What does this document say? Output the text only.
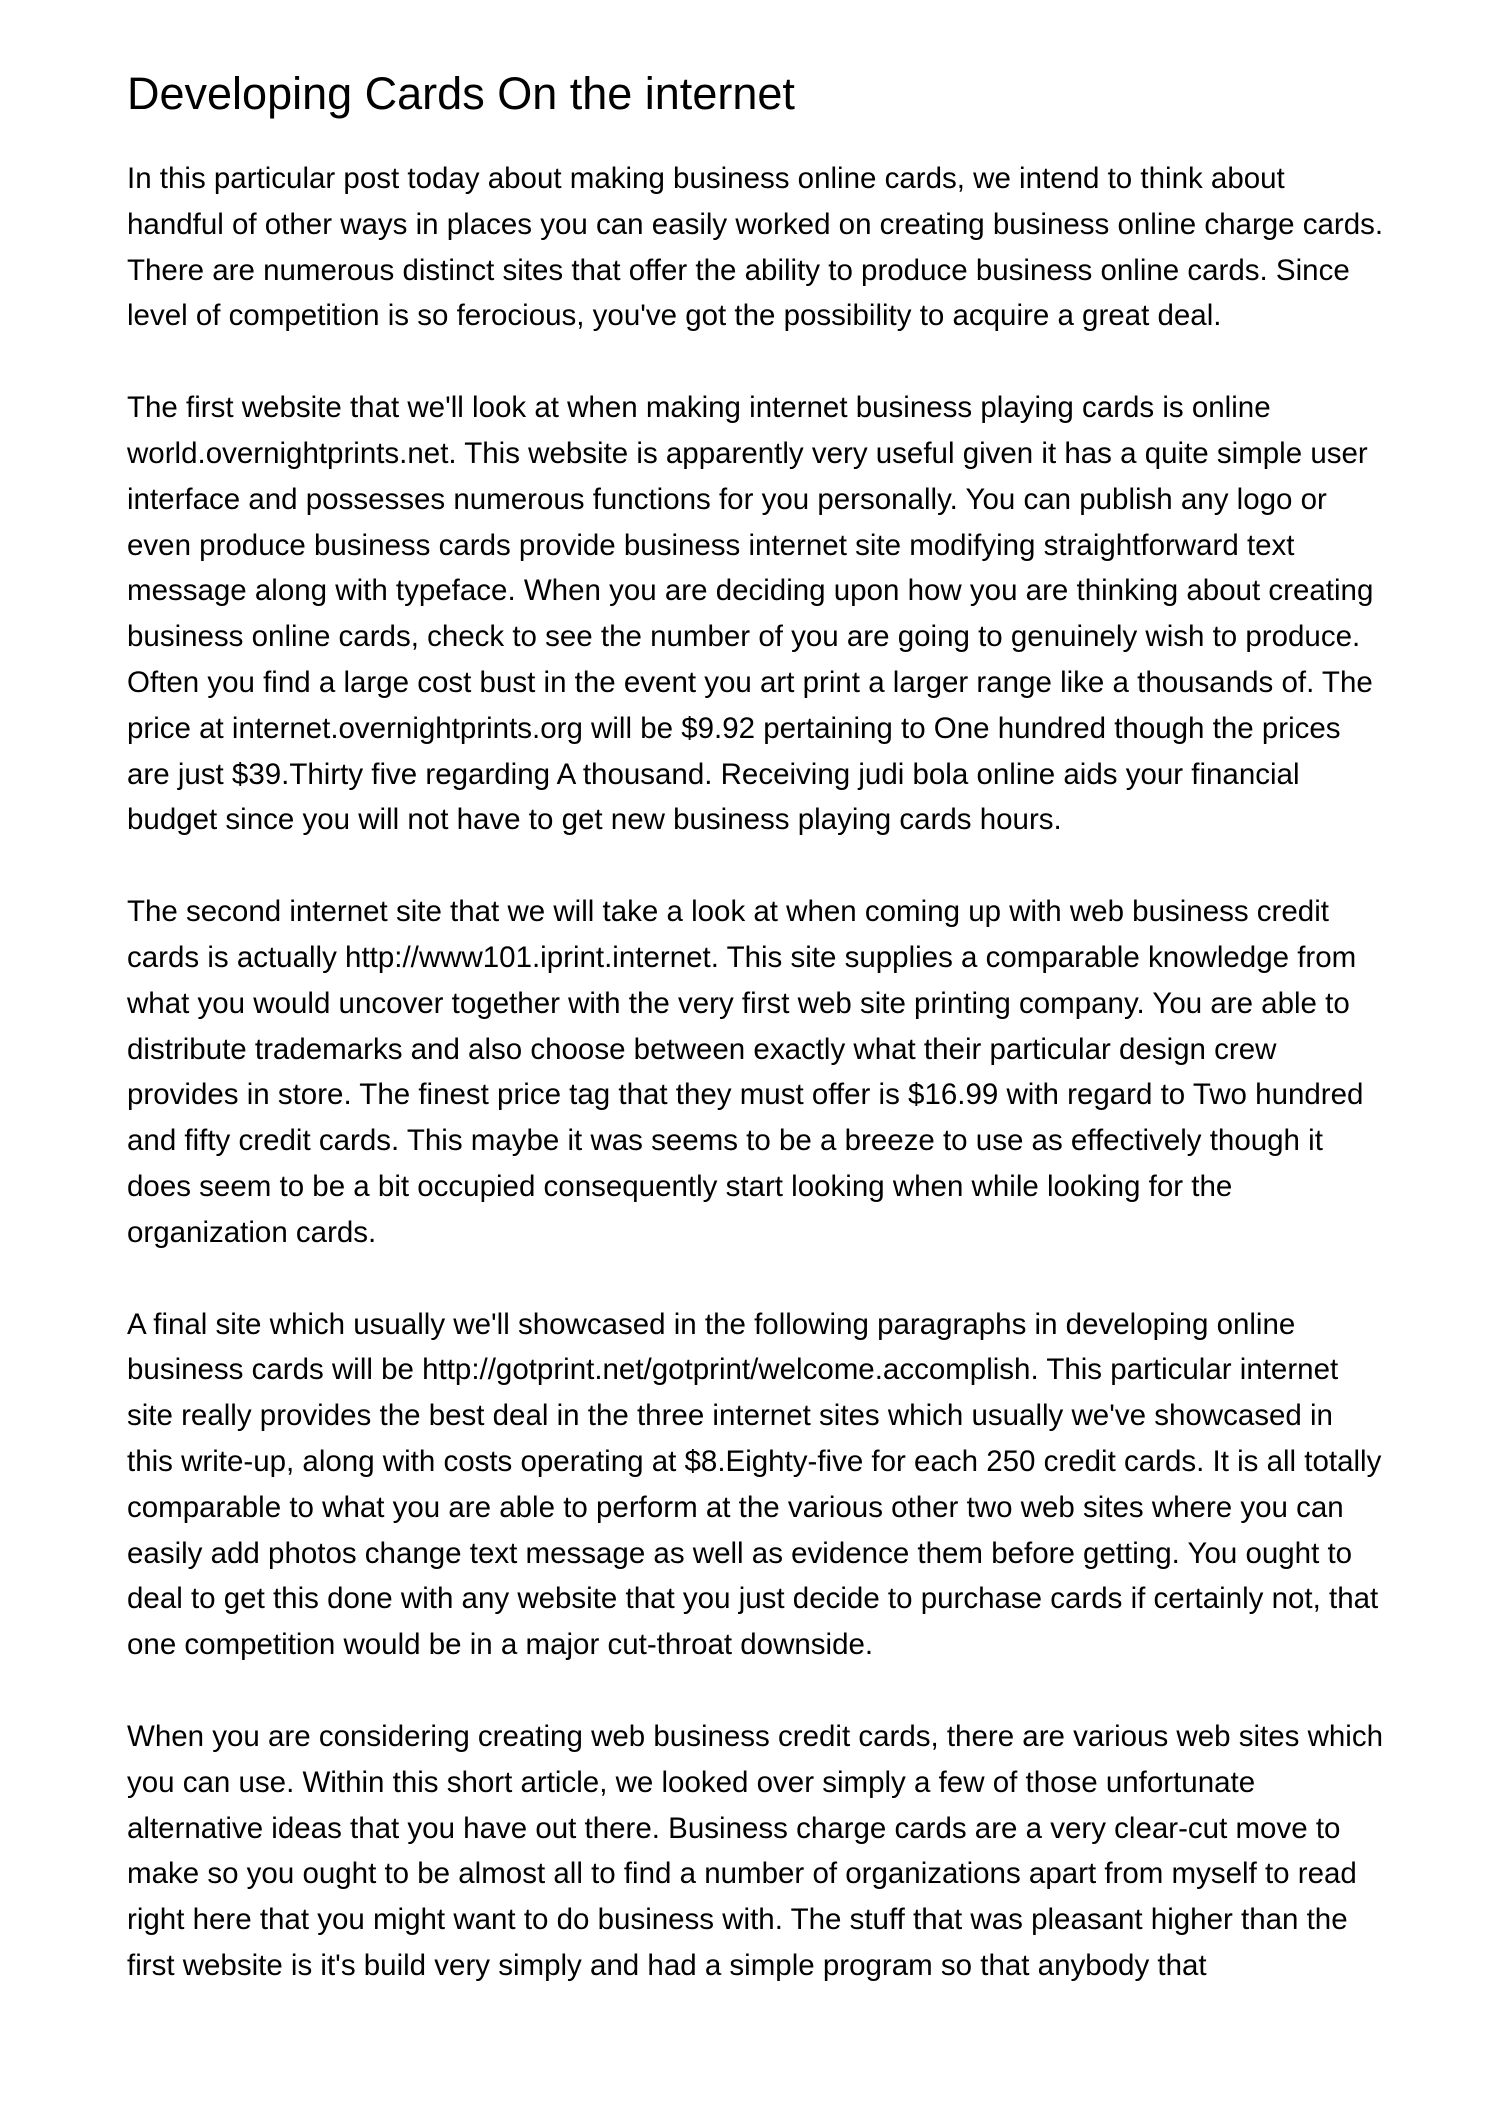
Developing Cards On the internet

In this particular post today about making business online cards, we intend to think about handful of other ways in places you can easily worked on creating business online charge cards. There are numerous distinct sites that offer the ability to produce business online cards. Since level of competition is so ferocious, you've got the possibility to acquire a great deal.

The first website that we'll look at when making internet business playing cards is online world.overnightprints.net. This website is apparently very useful given it has a quite simple user interface and possesses numerous functions for you personally. You can publish any logo or even produce business cards provide business internet site modifying straightforward text message along with typeface. When you are deciding upon how you are thinking about creating business online cards, check to see the number of you are going to genuinely wish to produce. Often you find a large cost bust in the event you art print a larger range like a thousands of. The price at internet.overnightprints.org will be $9.92 pertaining to One hundred though the prices are just $39.Thirty five regarding A thousand. Receiving judi bola online aids your financial budget since you will not have to get new business playing cards hours.

The second internet site that we will take a look at when coming up with web business credit cards is actually http://www101.iprint.internet. This site supplies a comparable knowledge from what you would uncover together with the very first web site printing company. You are able to distribute trademarks and also choose between exactly what their particular design crew provides in store. The finest price tag that they must offer is $16.99 with regard to Two hundred and fifty credit cards. This maybe it was seems to be a breeze to use as effectively though it does seem to be a bit occupied consequently start looking when while looking for the organization cards.

A final site which usually we'll showcased in the following paragraphs in developing online business cards will be http://gotprint.net/gotprint/welcome.accomplish. This particular internet site really provides the best deal in the three internet sites which usually we've showcased in this write-up, along with costs operating at $8.Eighty-five for each 250 credit cards. It is all totally comparable to what you are able to perform at the various other two web sites where you can easily add photos change text message as well as evidence them before getting. You ought to deal to get this done with any website that you just decide to purchase cards if certainly not, that one competition would be in a major cut-throat downside.

When you are considering creating web business credit cards, there are various web sites which you can use. Within this short article, we looked over simply a few of those unfortunate alternative ideas that you have out there. Business charge cards are a very clear-cut move to make so you ought to be almost all to find a number of organizations apart from myself to read right here that you might want to do business with. The stuff that was pleasant higher than the first website is it's build very simply and had a simple program so that anybody that
